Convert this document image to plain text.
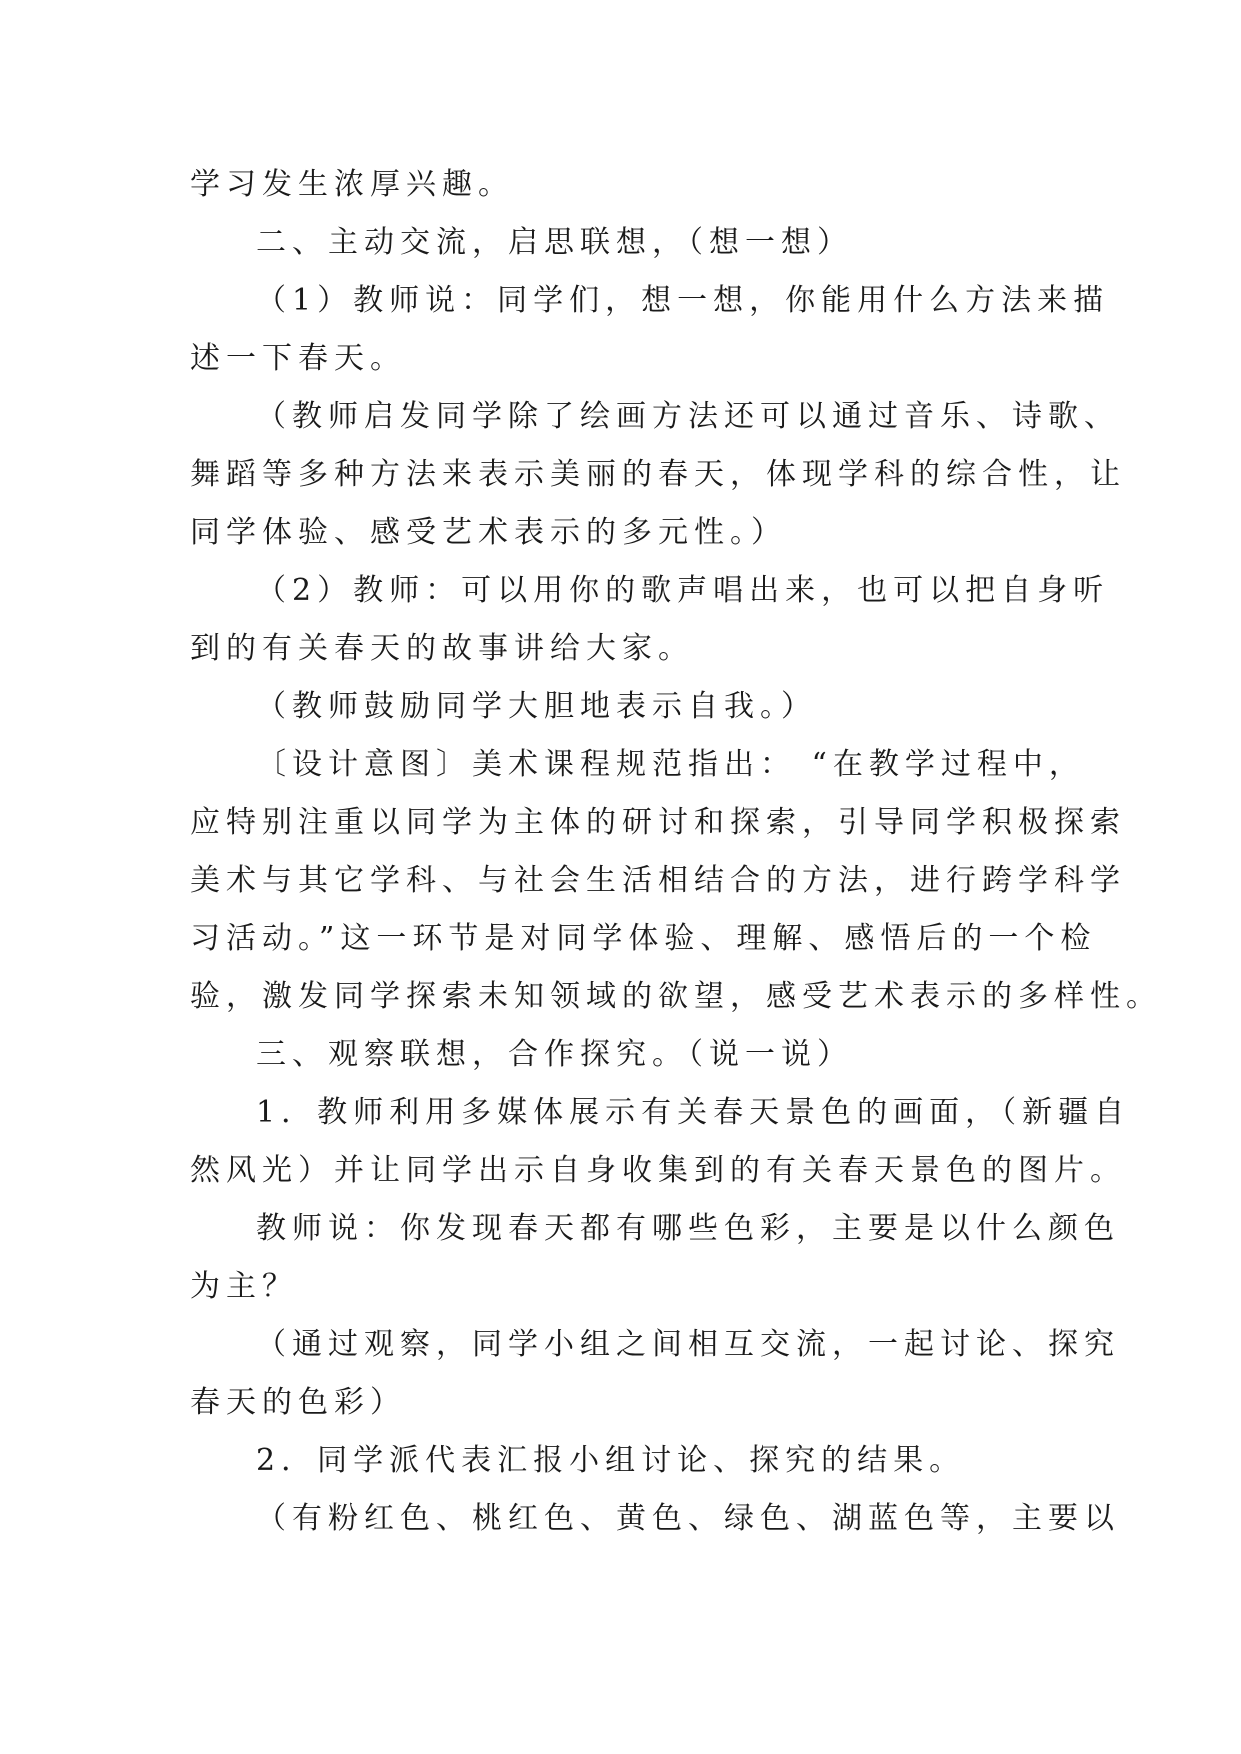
学习发生浓厚兴趣。
二、主动交流，启思联想，（想一想）
（1）教师说：同学们，想一想，你能用什么方法来描
述一下春天。
（教师启发同学除了绘画方法还可以通过音乐、诗歌、
舞蹈等多种方法来表示美丽的春天，体现学科的综合性，让
同学体验、感受艺术表示的多元性。）
（2）教师：可以用你的歌声唱出来，也可以把自身听
到的有关春天的故事讲给大家。
（教师鼓励同学大胆地表示自我。）
〔设计意图〕美术课程规范指出： “在教学过程中，
应特别注重以同学为主体的研讨和探索，引导同学积极探索
美术与其它学科、与社会生活相结合的方法，进行跨学科学
习活动。”这一环节是对同学体验、理解、感悟后的一个检
验，激发同学探索未知领域的欲望，感受艺术表示的多样性。
三、观察联想，合作探究。（说一说）
1．教师利用多媒体展示有关春天景色的画面，（新疆自
然风光）并让同学出示自身收集到的有关春天景色的图片。
教师说：你发现春天都有哪些色彩，主要是以什么颜色
为主？
（通过观察，同学小组之间相互交流，一起讨论、探究
春天的色彩）
2．同学派代表汇报小组讨论、探究的结果。
（有粉红色、桃红色、黄色、绿色、湖蓝色等，主要以
